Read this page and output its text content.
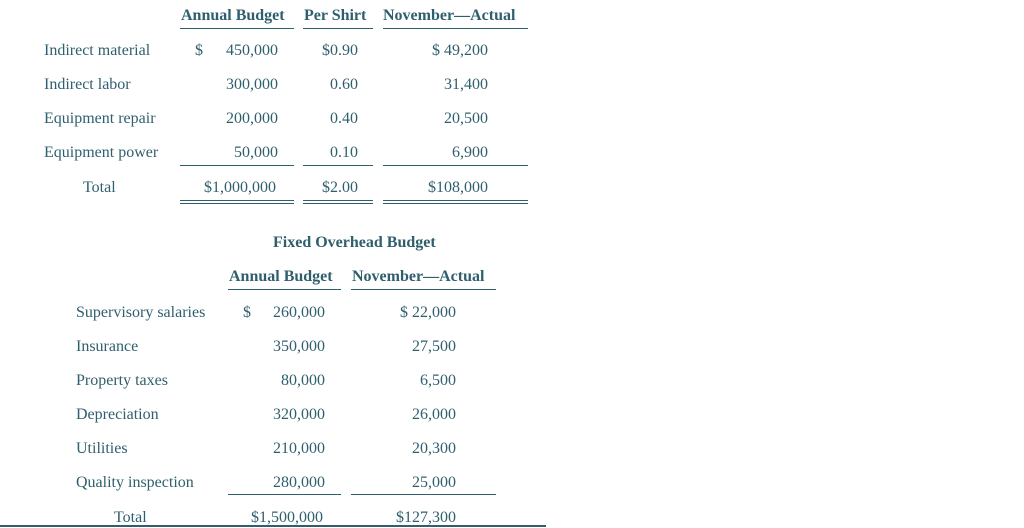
Annual Budget Per Shirt November—Actual
Indirect material	$	450,000	$0.90	$ 49,200
Indirect labor	300,000	0.60	31,400
Equipment repair	200,000	0.40	20,500
Equipment power	50,000	0.10	6,900
Total	$1,000,000	$2.00	$108,000
Fixed Overhead Budget
Annual Budget November—Actual
Supervisory salaries $	260,000	$ 22,000
Insurance	350,000	27,500
Property taxes	80,000	6,500
Depreciation	320,000	26,000
Utilities	210,000	20,300
Quality inspection	280,000	25,000
Total	$1,500,000	$127,300
